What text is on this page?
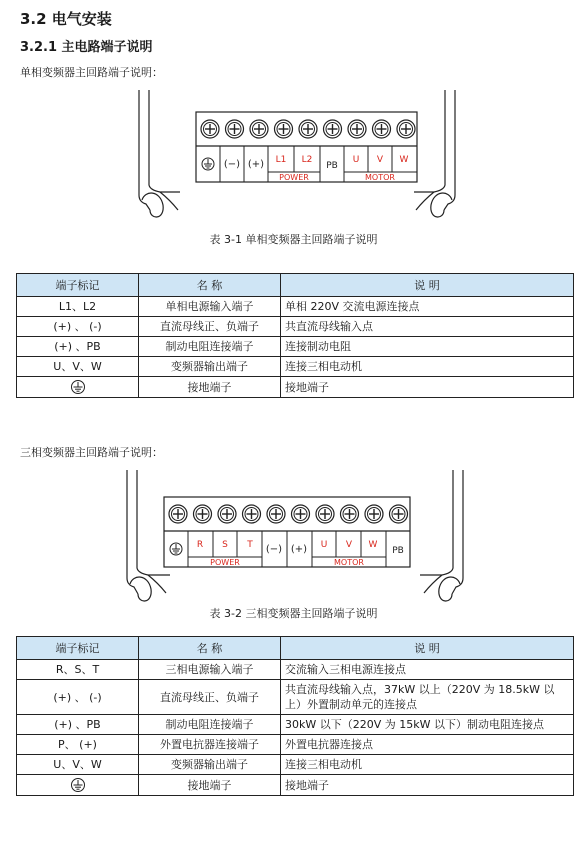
3.2 电气安装
3.2.1 主电路端子说明
单相变频器主回路端子说明：
(−) (+) L1 L2
POWER
PB
U V W
MOTOR
表 3-1 单相变频器主回路端子说明
端子标记	名 称	说 明
L1、L2	单相电源输入端子	单相 220V 交流电源连接点
(+) 、 (-)	直流母线正、负端子	共直流母线输入点
(+) 、PB	制动电阻连接端子	连接制动电阻
U、V、W	变频器输出端子	连接三相电动机
	接地端子	接地端子
三相变频器主回路端子说明：
R S T
POWER
(−) (+) U V W
MOTOR
PB
表 3-2 三相变频器主回路端子说明
端子标记	名 称	说 明
R、S、T	三相电源输入端子	交流输入三相电源连接点
(+) 、 (-)	直流母线正、负端子	共直流母线输入点，37kW 以上（220V 为 18.5kW 以上）外置制动单元的连接点
(+) 、PB	制动电阻连接端子	30kW 以下（220V 为 15kW 以下）制动电阻连接点
P、 (+)	外置电抗器连接端子	外置电抗器连接点
U、V、W	变频器输出端子	连接三相电动机
	接地端子	接地端子
